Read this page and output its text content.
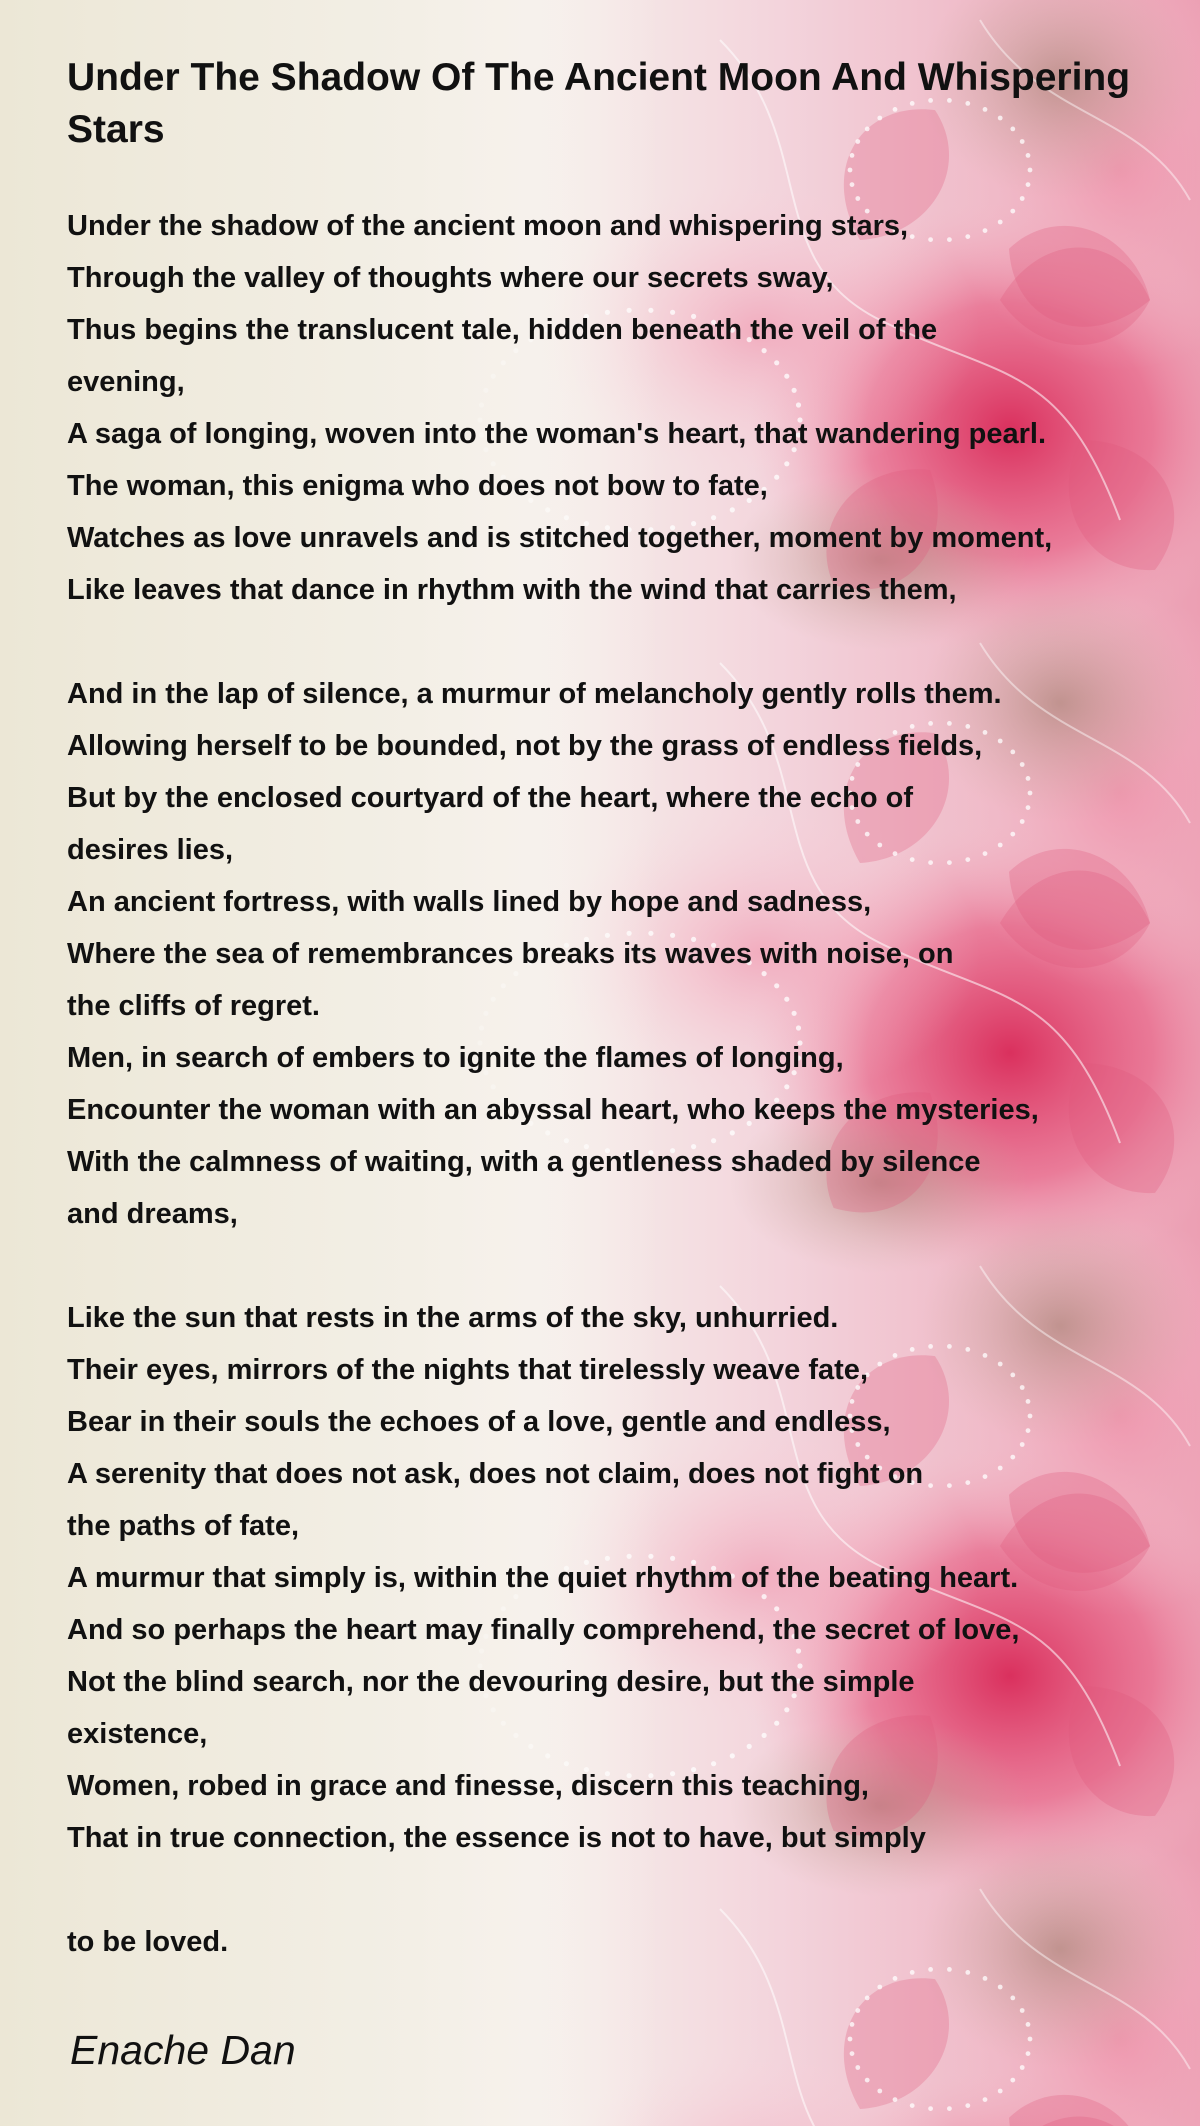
Under The Shadow Of The Ancient Moon And Whispering
Stars

Under the shadow of the ancient moon and whispering stars,
Through the valley of thoughts where our secrets sway,
Thus begins the translucent tale, hidden beneath the veil of the
evening,
A saga of longing, woven into the woman's heart, that wandering pearl.
The woman, this enigma who does not bow to fate,
Watches as love unravels and is stitched together, moment by moment,
Like leaves that dance in rhythm with the wind that carries them,

And in the lap of silence, a murmur of melancholy gently rolls them.
Allowing herself to be bounded, not by the grass of endless fields,
But by the enclosed courtyard of the heart, where the echo of
desires lies,
An ancient fortress, with walls lined by hope and sadness,
Where the sea of remembrances breaks its waves with noise, on
the cliffs of regret.
Men, in search of embers to ignite the flames of longing,
Encounter the woman with an abyssal heart, who keeps the mysteries,
With the calmness of waiting, with a gentleness shaded by silence
and dreams,

Like the sun that rests in the arms of the sky, unhurried.
Their eyes, mirrors of the nights that tirelessly weave fate,
Bear in their souls the echoes of a love, gentle and endless,
A serenity that does not ask, does not claim, does not fight on
the paths of fate,
A murmur that simply is, within the quiet rhythm of the beating heart.
And so perhaps the heart may finally comprehend, the secret of love,
Not the blind search, nor the devouring desire, but the simple
existence,
Women, robed in grace and finesse, discern this teaching,
That in true connection, the essence is not to have, but simply

to be loved.

Enache Dan
